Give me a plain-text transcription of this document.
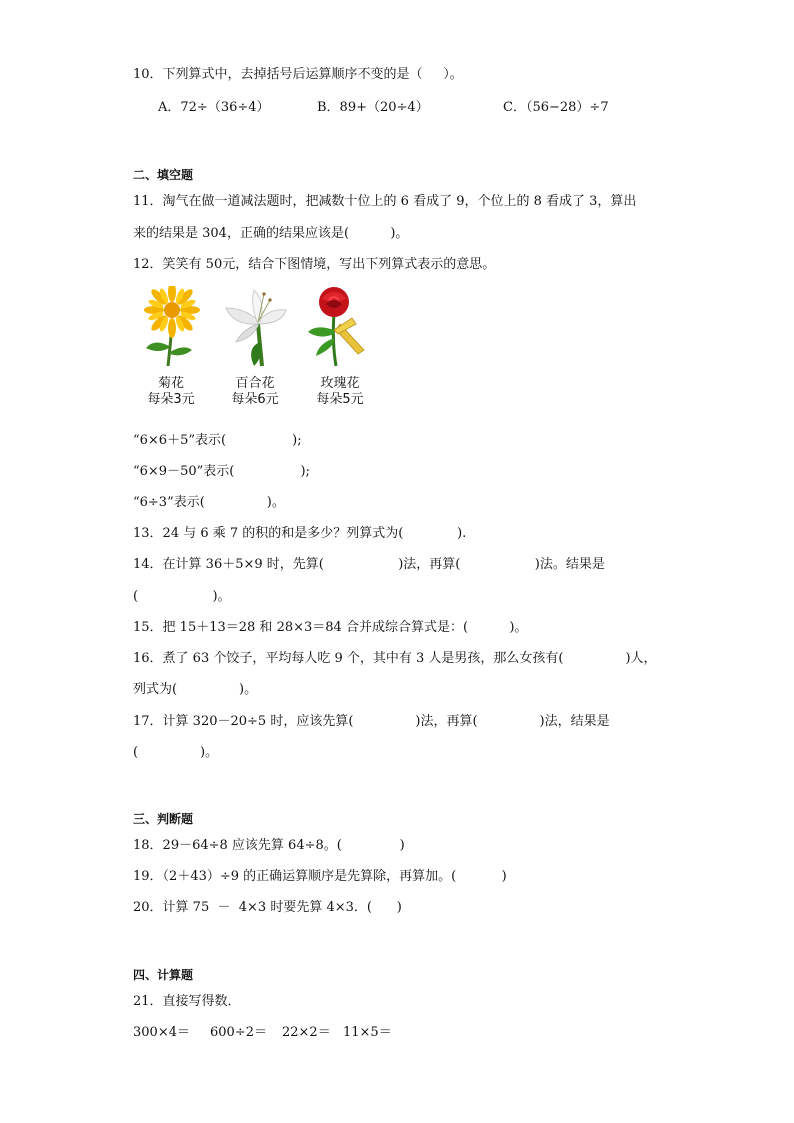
10．下列算式中，去掉括号后运算顺序不变的是（     ）。
A．72÷（36÷4）	B．89+（20÷4）	C．（56−28）÷7
二、填空题
11．淘气在做一道减法题时，把减数十位上的 6 看成了 9，个位上的 8 看成了 3，算出
来的结果是 304，正确的结果应该是(          )。
12．笑笑有 50元，结合下图情境，写出下列算式表示的意思。
菊花
每朵3元
百合花
每朵6元
玫瑰花
每朵5元
“6×6＋5”表示(                );
“6×9－50”表示(                );
“6÷3”表示(               )。
13．24 与 6 乘 7 的积的和是多少？列算式为(             ).
14．在计算 36＋5×9 时，先算(                  )法，再算(                  )法。结果是
(                  )。
15．把 15＋13＝28 和 28×3＝84 合并成综合算式是：(          )。
16．煮了 63 个饺子，平均每人吃 9 个，其中有 3 人是男孩，那么女孩有(               )人，
列式为(               )。
17．计算 320－20÷5 时，应该先算(               )法，再算(               )法，结果是
(               )。
三、判断题
18．29－64÷8 应该先算 64÷8。(              )
19．（2＋43）÷9 的正确运算顺序是先算除，再算加。(           )
20．计算 75  －  4×3 时要先算 4×3．(      )
四、计算题
21．直接写得数．
300×4＝ 600÷2＝ 22×2＝ 11×5＝
